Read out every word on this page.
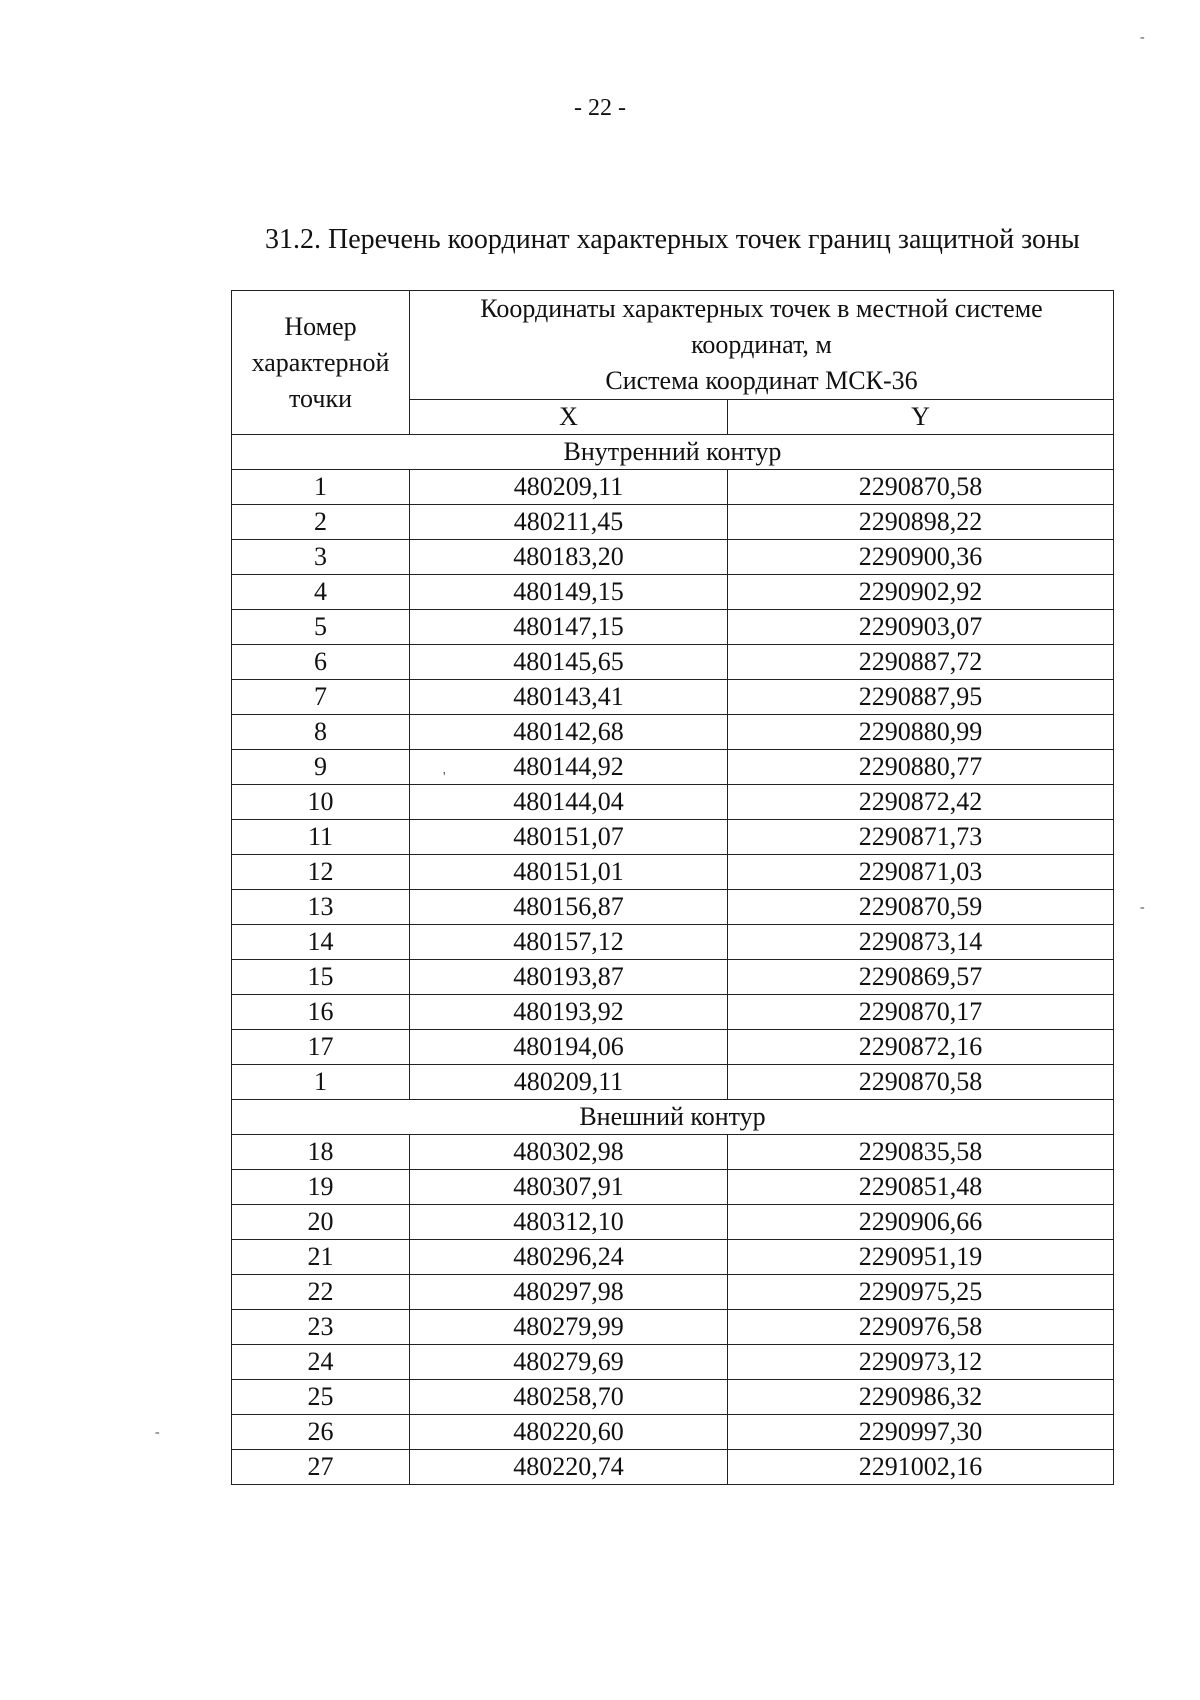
- 22 -
31.2. Перечень координат характерных точек границ защитной зоны
Номер
характерной
точки	Координаты характерных точек в местной системе
координат, м
Система координат МСК-36	

	X	Y
Внутренний контур		
1	480209,11	2290870,58
2	480211,45	2290898,22
3	480183,20	2290900,36
4	480149,15	2290902,92
5	480147,15	2290903,07
6	480145,65	2290887,72
7	480143,41	2290887,95
8	480142,68	2290880,99
9	480144,92	2290880,77
10	480144,04	2290872,42
11	480151,07	2290871,73
12	480151,01	2290871,03
13	480156,87	2290870,59
14	480157,12	2290873,14
15	480193,87	2290869,57
16	480193,92	2290870,17
17	480194,06	2290872,16
1	480209,11	2290870,58
Внешний контур		
18	480302,98	2290835,58
19	480307,91	2290851,48
20	480312,10	2290906,66
21	480296,24	2290951,19
22	480297,98	2290975,25
23	480279,99	2290976,58
24	480279,69	2290973,12
25	480258,70	2290986,32
26	480220,60	2290997,30
27	480220,74	2291002,16
'
-
-
-
